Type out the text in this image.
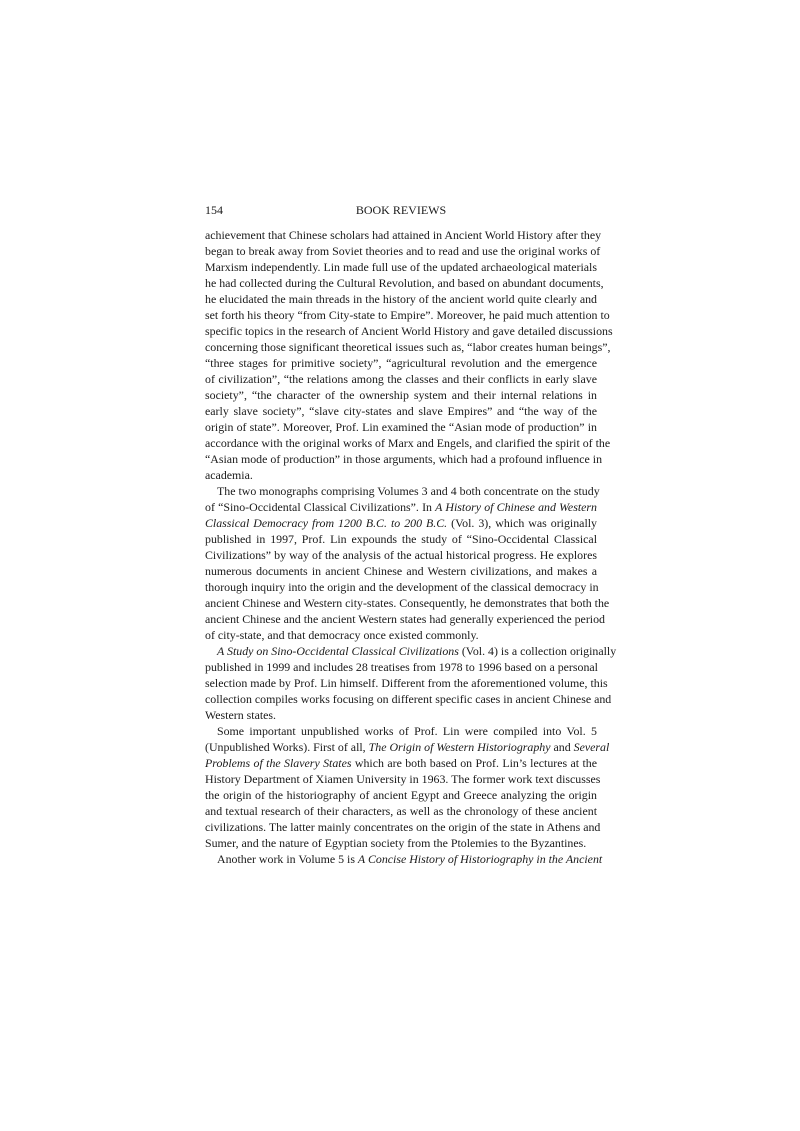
154	BOOK REVIEWS
achievement that Chinese scholars had attained in Ancient World History after they
began to break away from Soviet theories and to read and use the original works of
Marxism independently. Lin made full use of the updated archaeological materials
he had collected during the Cultural Revolution, and based on abundant documents,
he elucidated the main threads in the history of the ancient world quite clearly and
set forth his theory “from City-state to Empire”. Moreover, he paid much attention to
specific topics in the research of Ancient World History and gave detailed discussions
concerning those significant theoretical issues such as, “labor creates human beings”,
“three stages for primitive society”, “agricultural revolution and the emergence
of civilization”, “the relations among the classes and their conflicts in early slave
society”, “the character of the ownership system and their internal relations in
early slave society”, “slave city-states and slave Empires” and “the way of the
origin of state”. Moreover, Prof. Lin examined the “Asian mode of production” in
accordance with the original works of Marx and Engels, and clarified the spirit of the
“Asian mode of production” in those arguments, which had a profound influence in
academia.
The two monographs comprising Volumes 3 and 4 both concentrate on the study
of “Sino-Occidental Classical Civilizations”. In A History of Chinese and Western
Classical Democracy from 1200 B.C. to 200 B.C. (Vol. 3), which was originally
published in 1997, Prof. Lin expounds the study of “Sino-Occidental Classical
Civilizations” by way of the analysis of the actual historical progress. He explores
numerous documents in ancient Chinese and Western civilizations, and makes a
thorough inquiry into the origin and the development of the classical democracy in
ancient Chinese and Western city-states. Consequently, he demonstrates that both the
ancient Chinese and the ancient Western states had generally experienced the period
of city-state, and that democracy once existed commonly.
A Study on Sino-Occidental Classical Civilizations (Vol. 4) is a collection originally
published in 1999 and includes 28 treatises from 1978 to 1996 based on a personal
selection made by Prof. Lin himself. Different from the aforementioned volume, this
collection compiles works focusing on different specific cases in ancient Chinese and
Western states.
Some important unpublished works of Prof. Lin were compiled into Vol. 5
(Unpublished Works). First of all, The Origin of Western Historiography and Several
Problems of the Slavery States which are both based on Prof. Lin’s lectures at the
History Department of Xiamen University in 1963. The former work text discusses
the origin of the historiography of ancient Egypt and Greece analyzing the origin
and textual research of their characters, as well as the chronology of these ancient
civilizations. The latter mainly concentrates on the origin of the state in Athens and
Sumer, and the nature of Egyptian society from the Ptolemies to the Byzantines.
Another work in Volume 5 is A Concise History of Historiography in the Ancient
